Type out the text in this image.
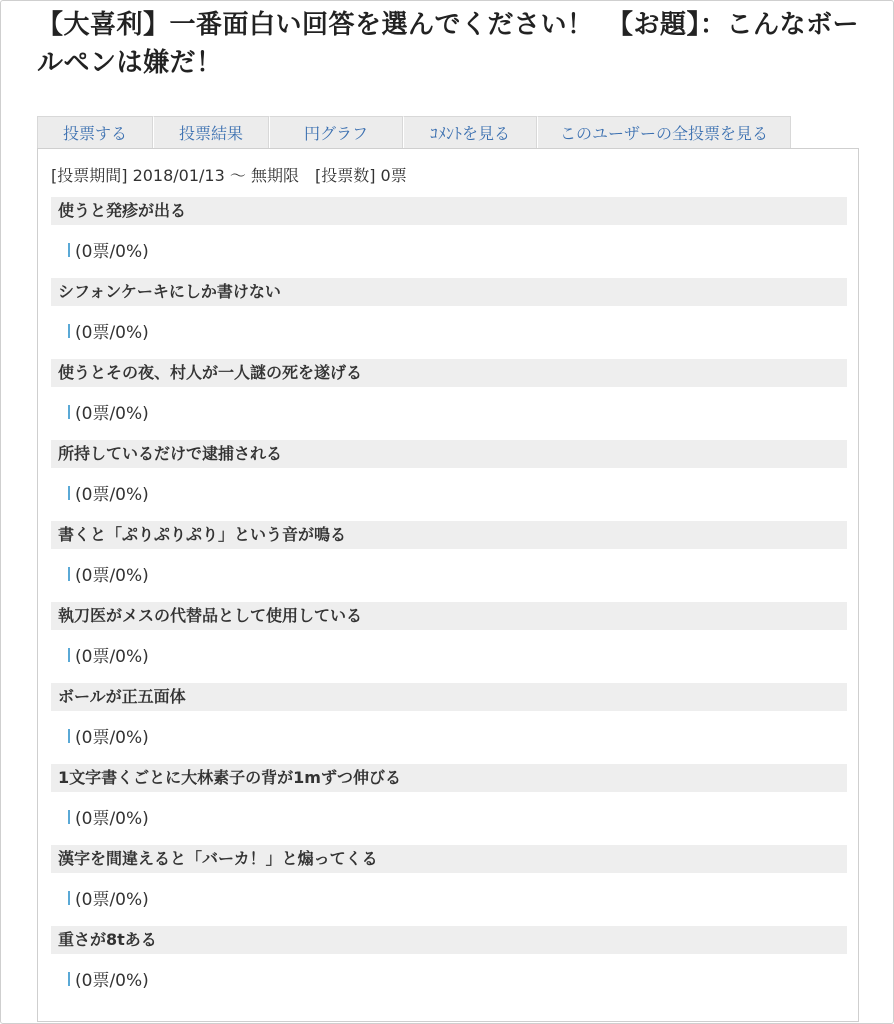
【大喜利】一番面白い回答を選んでください！　【お題】：こんなボールペンは嫌だ！
投票する	投票結果	円グラフ	ｺﾒﾝﾄを見る	このユーザーの全投票を見る
[投票期間] 2018/01/13 〜 無期限　[投票数] 0票
使うと発疹が出る
(0票/0%)
シフォンケーキにしか書けない
(0票/0%)
使うとその夜、村人が一人謎の死を遂げる
(0票/0%)
所持しているだけで逮捕される
(0票/0%)
書くと「ぷりぷりぷり」という音が鳴る
(0票/0%)
執刀医がメスの代替品として使用している
(0票/0%)
ボールが正五面体
(0票/0%)
1文字書くごとに大林素子の背が1mずつ伸びる
(0票/0%)
漢字を間違えると「バーカ！」と煽ってくる
(0票/0%)
重さが8tある
(0票/0%)
